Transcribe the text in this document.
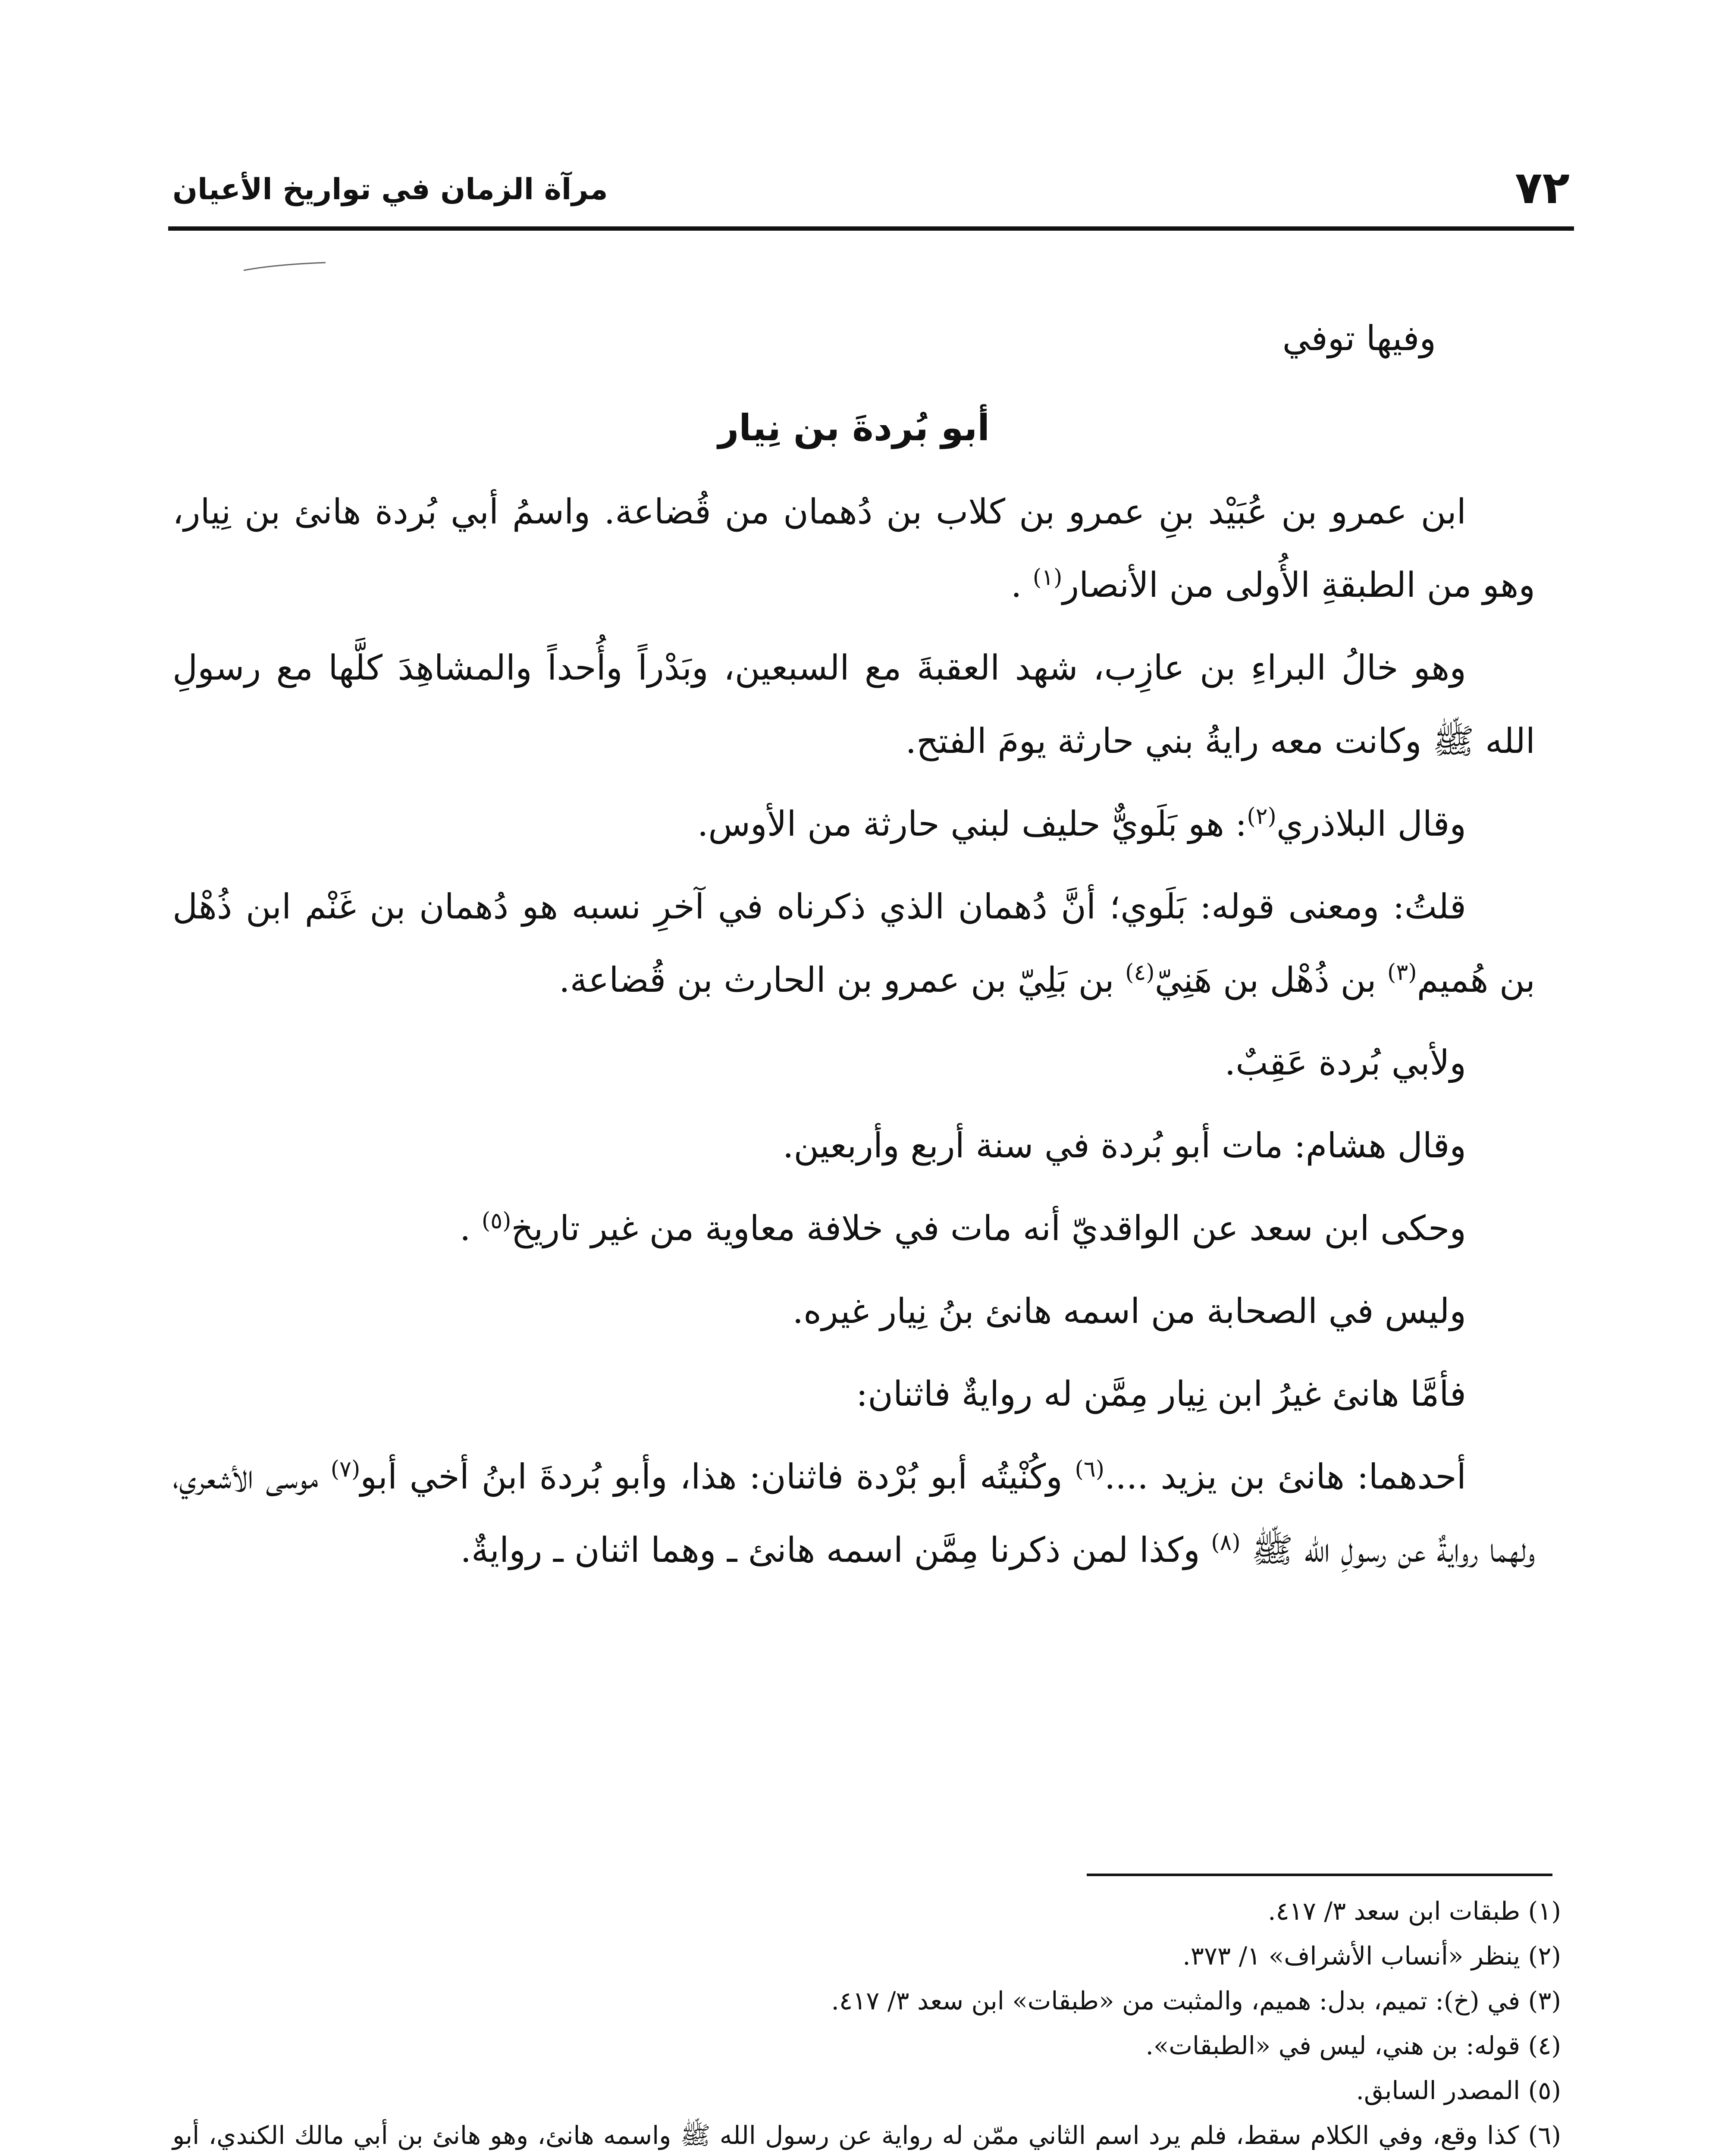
٧٢
مرآة الزمان في تواريخ الأعيان

وفيها توفي

أبو بُردةَ بن نِيار

ابن عمرو بن عُبَيْد بنِ عمرو بن كلاب بن دُهمان من قُضاعة. واسمُ أبي بُردة هانئ بن نِيار، وهو من الطبقةِ الأُولى من الأنصار$^{(١)}$ .

وهو خالُ البراءِ بن عازِب، شهد العقبةَ مع السبعين، وبَدْراً وأُحداً والمشاهِدَ كلَّها مع رسولِ الله ﷺ وكانت معه رايةُ بني حارثة يومَ الفتح.

وقال البلاذري$^{(٢)}$: هو بَلَويٌّ حليف لبني حارثة من الأوس.

قلتُ: ومعنى قوله: بَلَوي؛ أنَّ دُهمان الذي ذكرناه في آخرِ نسبه هو دُهمان بن غَنْم ابن ذُهْل بن هُميم$^{(٣)}$ بن ذُهْل بن هَنِيّ$^{(٤)}$ بن بَلِيّ بن عمرو بن الحارث بن قُضاعة.

ولأبي بُردة عَقِبٌ.

وقال هشام: مات أبو بُردة في سنة أربع وأربعين.

وحكى ابن سعد عن الواقديّ أنه مات في خلافة معاوية من غير تاريخ$^{(٥)}$ .

وليس في الصحابة من اسمه هانئ بنُ نِيار غيره.

فأمَّا هانئ غيرُ ابن نِيار مِمَّن له روايةٌ فاثنان:

أحدهما: هانئ بن يزيد ....$^{(٦)}$ وكُنْيتُه أبو بُرْدة فاثنان: هذا، وأبو بُردةَ ابنُ أخي أبو$^{(٧)}$ موسى الأشعري، ولهما روايةٌ عن رسولِ الله ﷺ $^{(٨)}$ وكذا لمن ذكرنا مِمَّن اسمه هانئ ـ وهما اثنان ـ روايةٌ.

(١) طبقات ابن سعد ٣/ ٤١٧.

(٢) ينظر «أنساب الأشراف» ١/ ٣٧٣.

(٣) في (خ): تميم، بدل: هميم، والمثبت من «طبقات» ابن سعد ٣/ ٤١٧.

(٤) قوله: بن هني، ليس في «الطبقات».

(٥) المصدر السابق.

(٦) كذا وقع، وفي الكلام سقط، فلم يرد اسم الثاني ممّن له رواية عن رسول الله ﷺ واسمه هانئ، وهو هانئ بن أبي مالك الكندي، أبو
